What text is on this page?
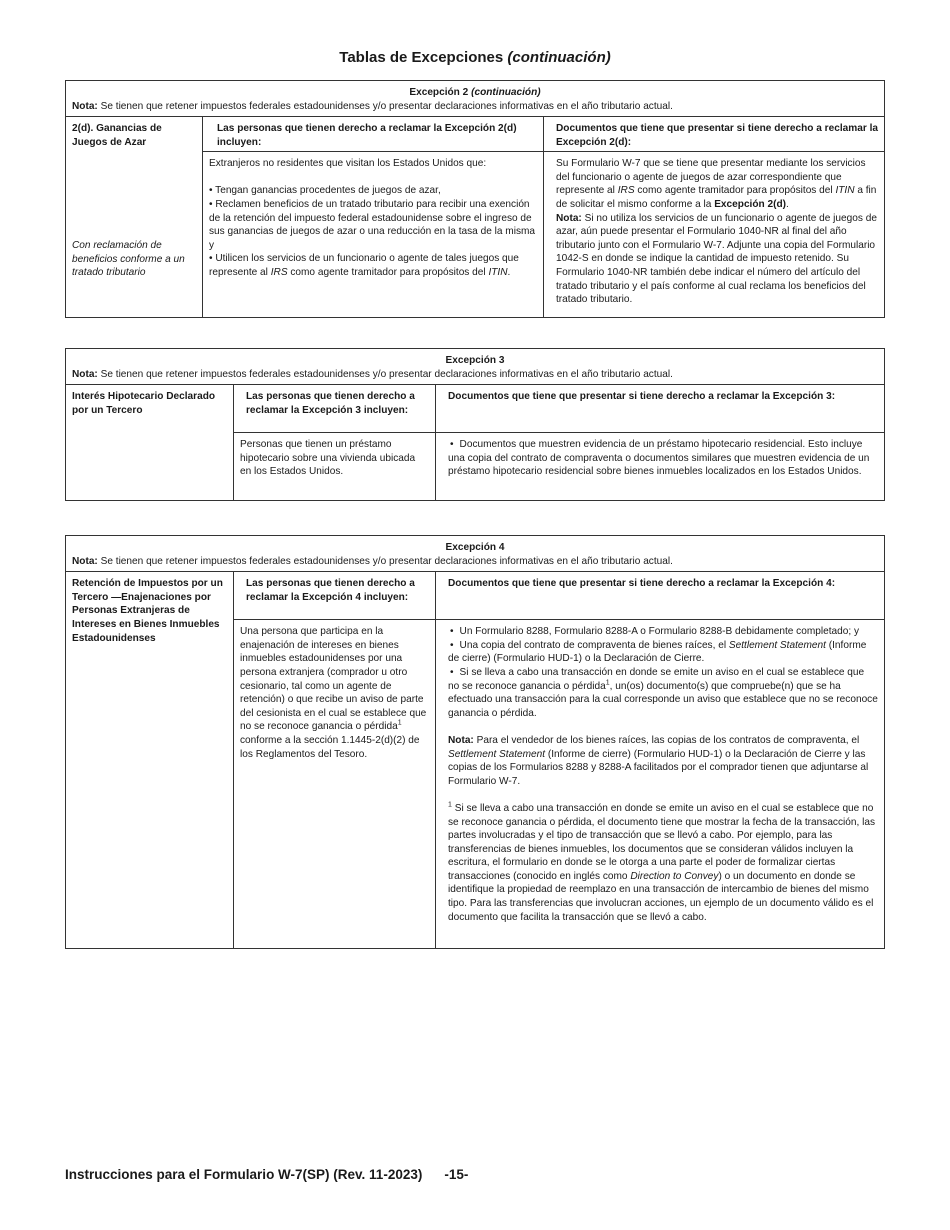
Tablas de Excepciones (continuación)
Excepción 2 (continuación)
Nota: Se tienen que retener impuestos federales estadounidenses y/o presentar declaraciones informativas en el año tributario actual.

2(d). Ganancias de Juegos de Azar

Con reclamación de beneficios conforme a un tratado tributario

Las personas que tienen derecho a reclamar la Excepción 2(d) incluyen:

Extranjeros no residentes que visitan los Estados Unidos que:

• Tengan ganancias procedentes de juegos de azar,

• Reclamen beneficios de un tratado tributario para recibir una exención de la retención del impuesto federal estadounidense sobre el ingreso de sus ganancias de juegos de azar o una reducción en la tasa de la misma y

• Utilicen los servicios de un funcionario o agente de tales juegos que represente al IRS como agente tramitador para propósitos del ITIN.

Documentos que tiene que presentar si tiene derecho a reclamar la Excepción 2(d):

Su Formulario W-7 que se tiene que presentar mediante los servicios del funcionario o agente de juegos de azar correspondiente que represente al IRS como agente tramitador para propósitos del ITIN a fin de solicitar el mismo conforme a la Excepción 2(d).

Nota: Si no utiliza los servicios de un funcionario o agente de juegos de azar, aún puede presentar el Formulario 1040-NR al final del año tributario junto con el Formulario W-7. Adjunte una copia del Formulario 1042-S en donde se indique la cantidad de impuesto retenido. Su Formulario 1040-NR también debe indicar el número del artículo del tratado tributario y el país conforme al cual reclama los beneficios del tratado tributario.

Excepción 3
Nota: Se tienen que retener impuestos federales estadounidenses y/o presentar declaraciones informativas en el año tributario actual.
Interés Hipotecario Declarado por un Tercero
Las personas que tienen derecho a reclamar la Excepción 3 incluyen:
Personas que tienen un préstamo hipotecario sobre una vivienda ubicada en los Estados Unidos.
Documentos que tiene que presentar si tiene derecho a reclamar la Excepción 3:

• Documentos que muestren evidencia de un préstamo hipotecario residencial. Esto incluye una copia del contrato de compraventa o documentos similares que muestren evidencia de un préstamo hipotecario residencial sobre bienes inmuebles localizados en los Estados Unidos.

Excepción 4
Nota: Se tienen que retener impuestos federales estadounidenses y/o presentar declaraciones informativas en el año tributario actual.
Retención de Impuestos por un Tercero —Enajenaciones por Personas Extranjeras de Intereses en Bienes Inmuebles Estadounidenses
Las personas que tienen derecho a reclamar la Excepción 4 incluyen:

Una persona que participa en la enajenación de intereses en bienes inmuebles estadounidenses por una persona extranjera (comprador u otro cesionario, tal como un agente de retención) o que recibe un aviso de parte del cesionista en el cual se establece que no se reconoce ganancia o pérdida$^1$ conforme a la sección 1.1445-2(d)(2) de los Reglamentos del Tesoro.

Documentos que tiene que presentar si tiene derecho a reclamar la Excepción 4:

• Un Formulario 8288, Formulario 8288-A o Formulario 8288-B debidamente completado; y

• Una copia del contrato de compraventa de bienes raíces, el Settlement Statement (Informe de cierre) (Formulario HUD-1) o la Declaración de Cierre.

• Si se lleva a cabo una transacción en donde se emite un aviso en el cual se establece que no se reconoce ganancia o pérdida$^1$, un(os) documento(s) que compruebe(n) que se ha efectuado una transacción para la cual corresponde un aviso que establece que no se reconoce ganancia o pérdida.

Nota: Para el vendedor de los bienes raíces, las copias de los contratos de compraventa, el Settlement Statement (Informe de cierre) (Formulario HUD-1) o la Declaración de Cierre y las copias de los Formularios 8288 y 8288-A facilitados por el comprador tienen que adjuntarse al Formulario W-7.

$^1$ Si se lleva a cabo una transacción en donde se emite un aviso en el cual se establece que no se reconoce ganancia o pérdida, el documento tiene que mostrar la fecha de la transacción, las partes involucradas y el tipo de transacción que se llevó a cabo. Por ejemplo, para las transferencias de bienes inmuebles, los documentos que se consideran válidos incluyen la escritura, el formulario en donde se le otorga a una parte el poder de formalizar ciertas transacciones (conocido en inglés como Direction to Convey) o un documento en donde se identifique la propiedad de reemplazo en una transacción de intercambio de bienes del mismo tipo. Para las transferencias que involucran acciones, un ejemplo de un documento válido es el documento que facilita la transacción que se llevó a cabo.

Instrucciones para el Formulario W-7(SP) (Rev. 11-2023) -15-
